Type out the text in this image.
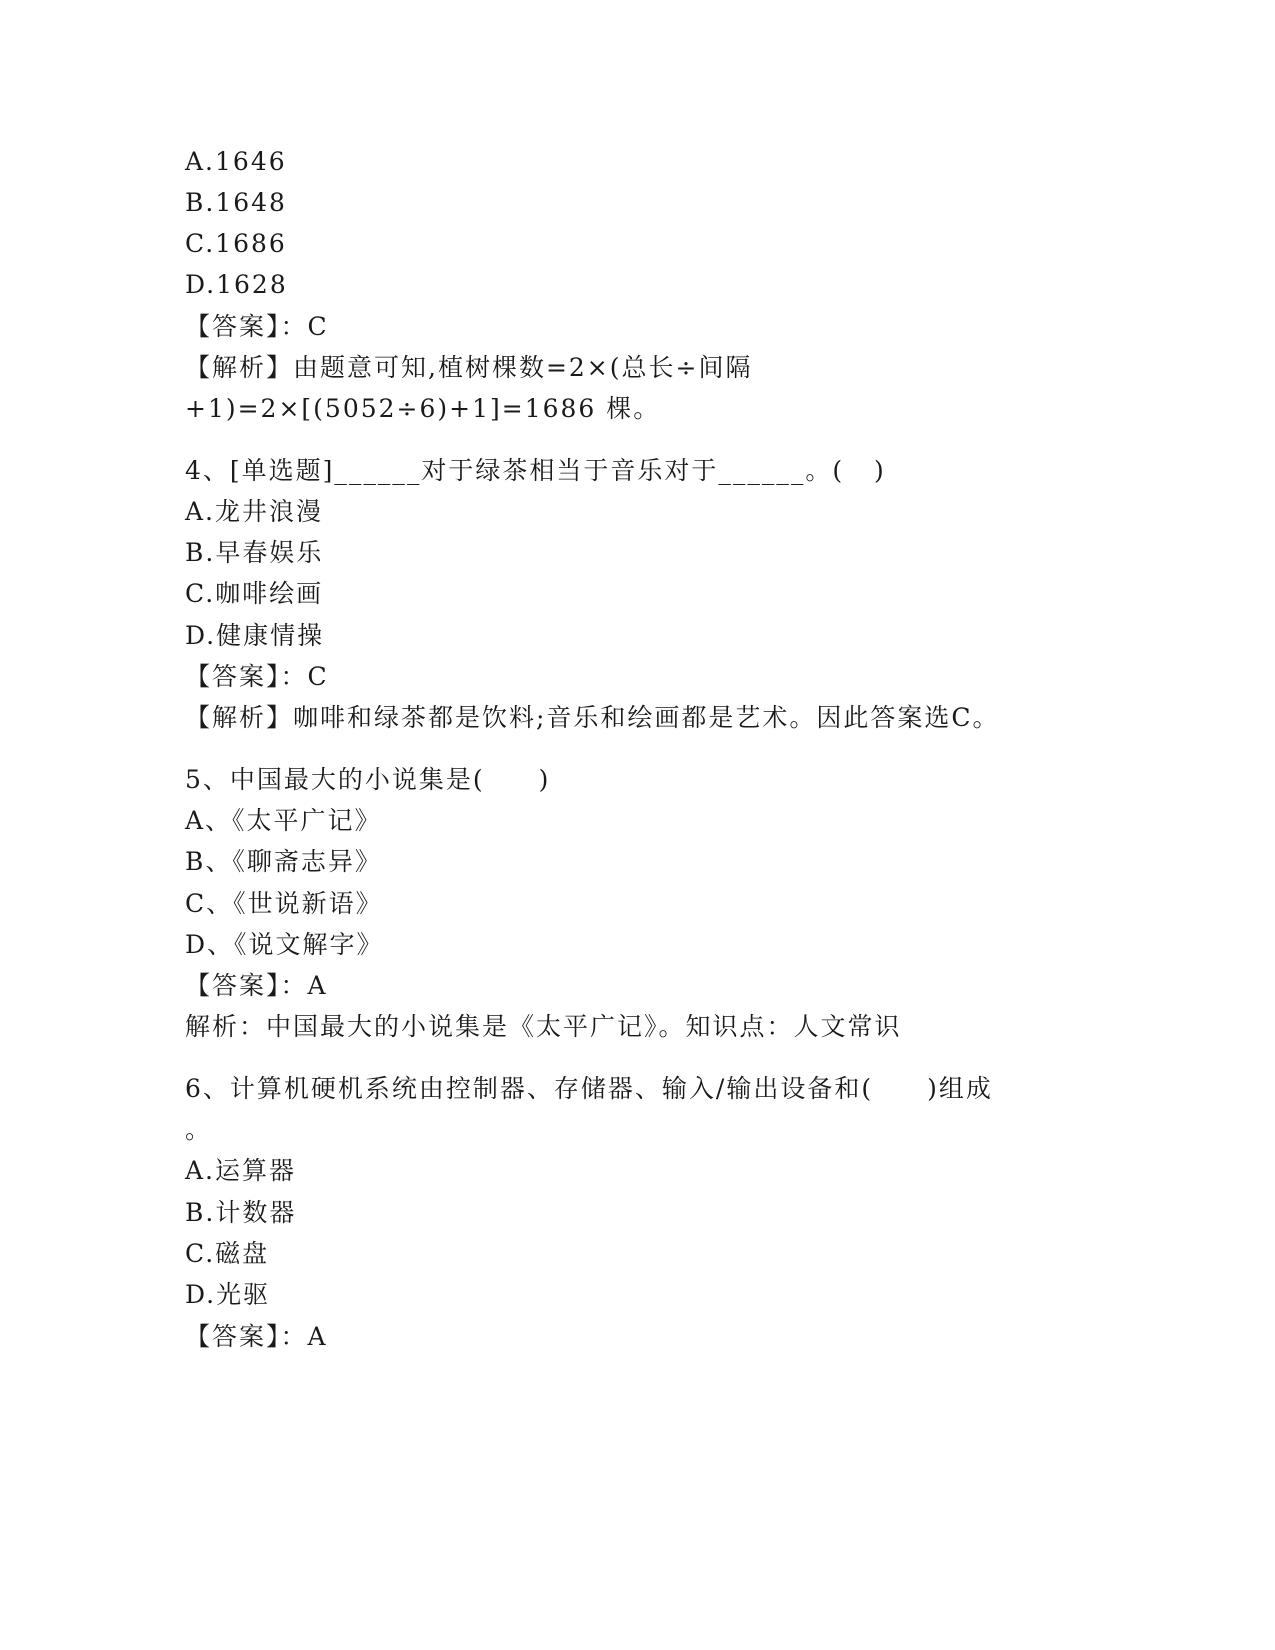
A.1646
B.1648
C.1686
D.1628
【答案】：C
【解析】由题意可知,植树棵数=2×(总长÷间隔
+1)=2×[(5052÷6)+1]=1686 棵。
4、[单选题]______对于绿茶相当于音乐对于______。(   )
A.龙井浪漫
B.早春娱乐
C.咖啡绘画
D.健康情操
【答案】：C
【解析】咖啡和绿茶都是饮料;音乐和绘画都是艺术。因此答案选C。
5、中国最大的小说集是(　　)
A、《太平广记》
B、《聊斋志异》
C、《世说新语》
D、《说文解字》
【答案】：A
解析：中国最大的小说集是《太平广记》。知识点：人文常识
6、计算机硬机系统由控制器、存储器、输入/输出设备和(　　)组成
。
A.运算器
B.计数器
C.磁盘
D.光驱
【答案】：A
